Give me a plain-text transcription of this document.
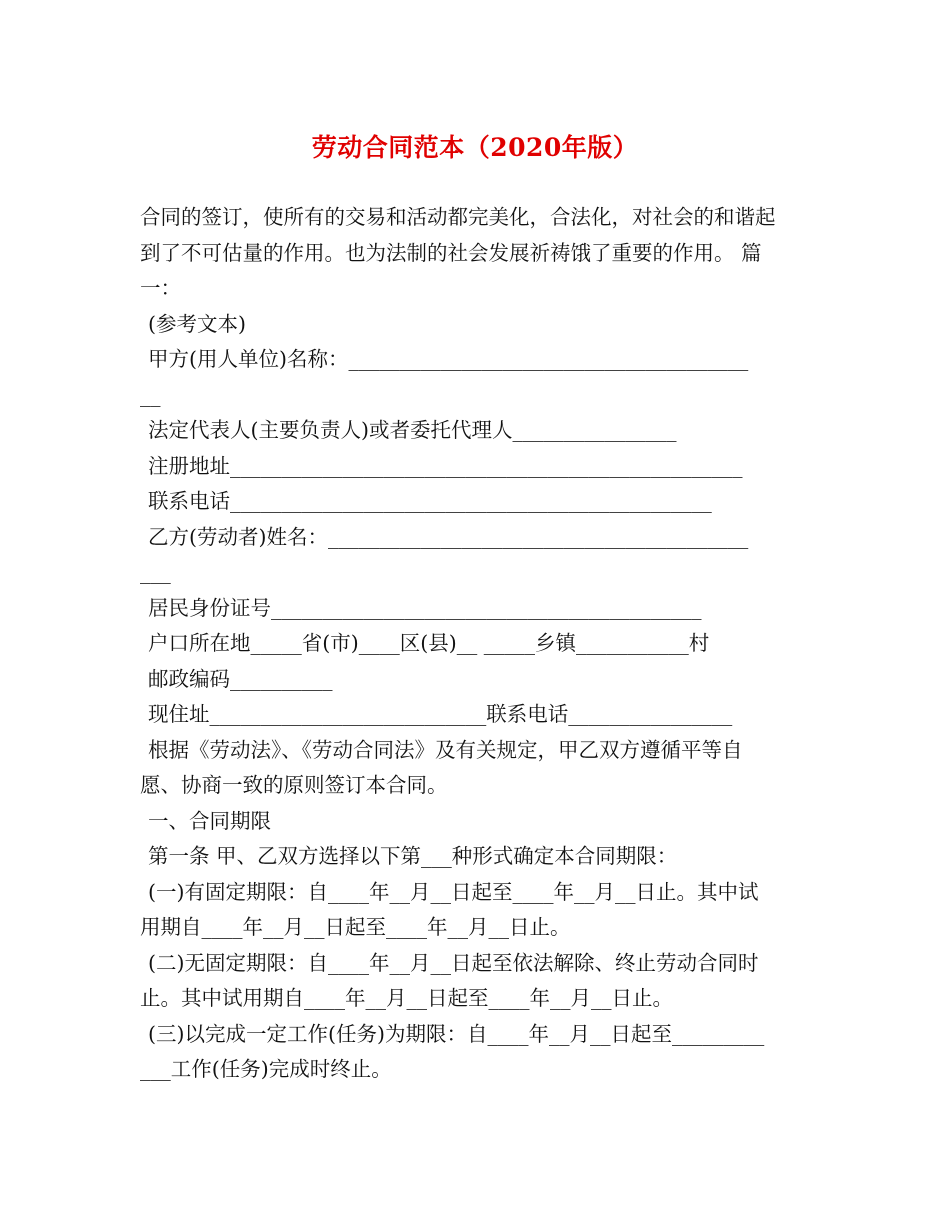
劳动合同范本（2020年版）
合同的签订，使所有的交易和活动都完美化，合法化，对社会的和谐起
到了不可估量的作用。也为法制的社会发展祈祷饿了重要的作用。 篇
一：
(参考文本)
甲方(用人单位)名称：_______________________________________
__
法定代表人(主要负责人)或者委托代理人________________
注册地址__________________________________________________
联系电话_______________________________________________
乙方(劳动者)姓名：_________________________________________
___
居民身份证号__________________________________________
户口所在地_____省(市)____区(县)__ _____乡镇___________村
邮政编码__________
现住址___________________________联系电话________________
根据《劳动法》、《劳动合同法》及有关规定，甲乙双方遵循平等自
愿、协商一致的原则签订本合同。
一、合同期限
第一条 甲、乙双方选择以下第___种形式确定本合同期限：
(一)有固定期限：自____年__月__日起至____年__月__日止。其中试
用期自____年__月__日起至____年__月__日止。
(二)无固定期限：自____年__月__日起至依法解除、终止劳动合同时
止。其中试用期自____年__月__日起至____年__月__日止。
(三)以完成一定工作(任务)为期限：自____年__月__日起至_________
___工作(任务)完成时终止。
